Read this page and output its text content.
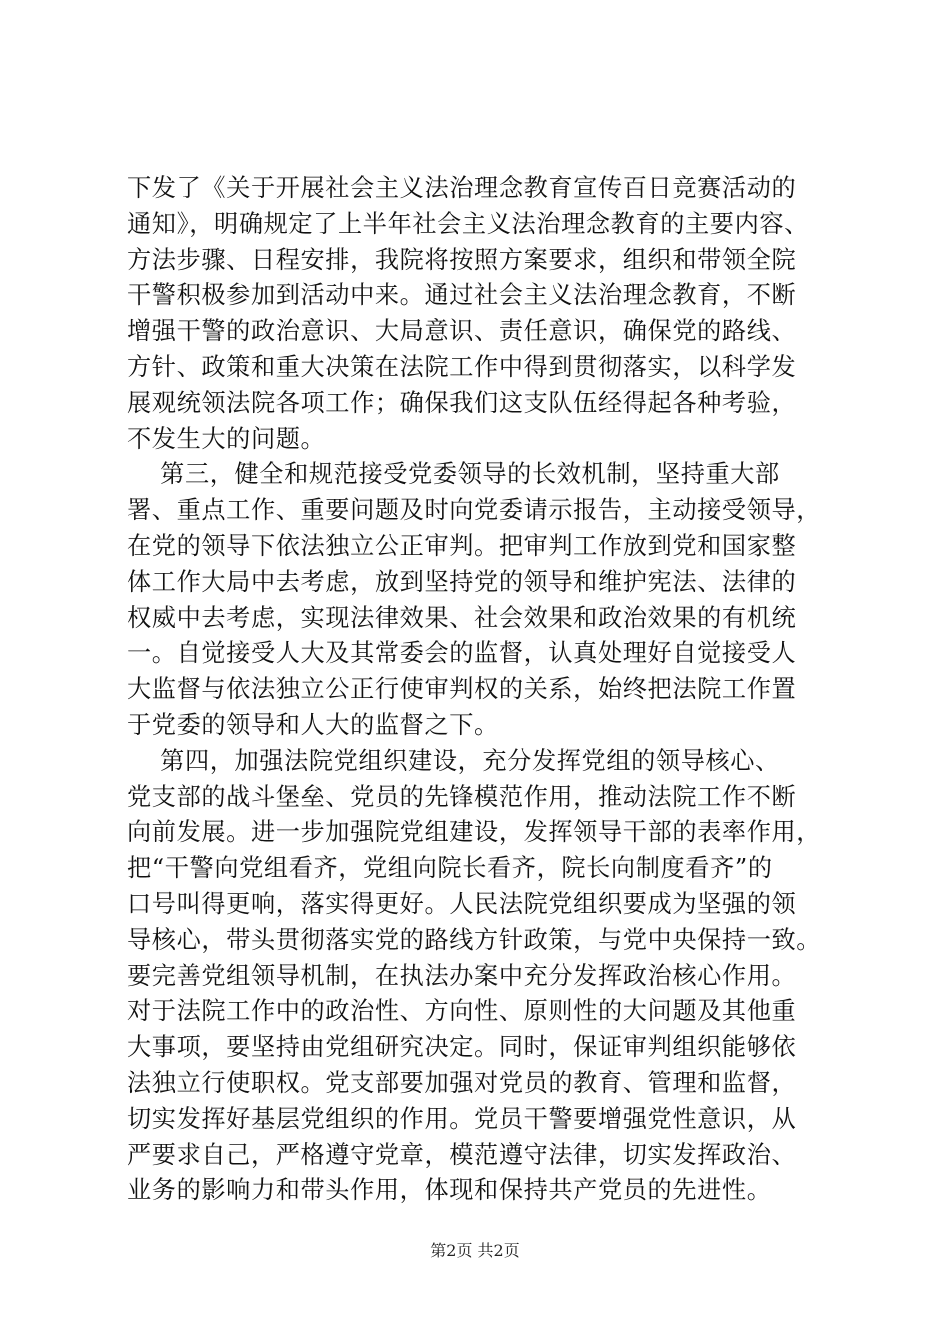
下发了《关于开展社会主义法治理念教育宣传百日竞赛活动的
通知》，明确规定了上半年社会主义法治理念教育的主要内容、
方法步骤、日程安排，我院将按照方案要求，组织和带领全院
干警积极参加到活动中来。通过社会主义法治理念教育，不断
增强干警的政治意识、大局意识、责任意识，确保党的路线、
方针、政策和重大决策在法院工作中得到贯彻落实，以科学发
展观统领法院各项工作；确保我们这支队伍经得起各种考验，
不发生大的问题。
第三，健全和规范接受党委领导的长效机制，坚持重大部
署、重点工作、重要问题及时向党委请示报告，主动接受领导，
在党的领导下依法独立公正审判。把审判工作放到党和国家整
体工作大局中去考虑，放到坚持党的领导和维护宪法、法律的
权威中去考虑，实现法律效果、社会效果和政治效果的有机统
一。自觉接受人大及其常委会的监督，认真处理好自觉接受人
大监督与依法独立公正行使审判权的关系，始终把法院工作置
于党委的领导和人大的监督之下。
第四，加强法院党组织建设，充分发挥党组的领导核心、
党支部的战斗堡垒、党员的先锋模范作用，推动法院工作不断
向前发展。进一步加强院党组建设，发挥领导干部的表率作用，
把“干警向党组看齐，党组向院长看齐，院长向制度看齐”的
口号叫得更响，落实得更好。人民法院党组织要成为坚强的领
导核心，带头贯彻落实党的路线方针政策，与党中央保持一致。
要完善党组领导机制，在执法办案中充分发挥政治核心作用。
对于法院工作中的政治性、方向性、原则性的大问题及其他重
大事项，要坚持由党组研究决定。同时，保证审判组织能够依
法独立行使职权。党支部要加强对党员的教育、管理和监督，
切实发挥好基层党组织的作用。党员干警要增强党性意识，从
严要求自己，严格遵守党章，模范遵守法律，切实发挥政治、
业务的影响力和带头作用，体现和保持共产党员的先进性。
第2页 共2页
